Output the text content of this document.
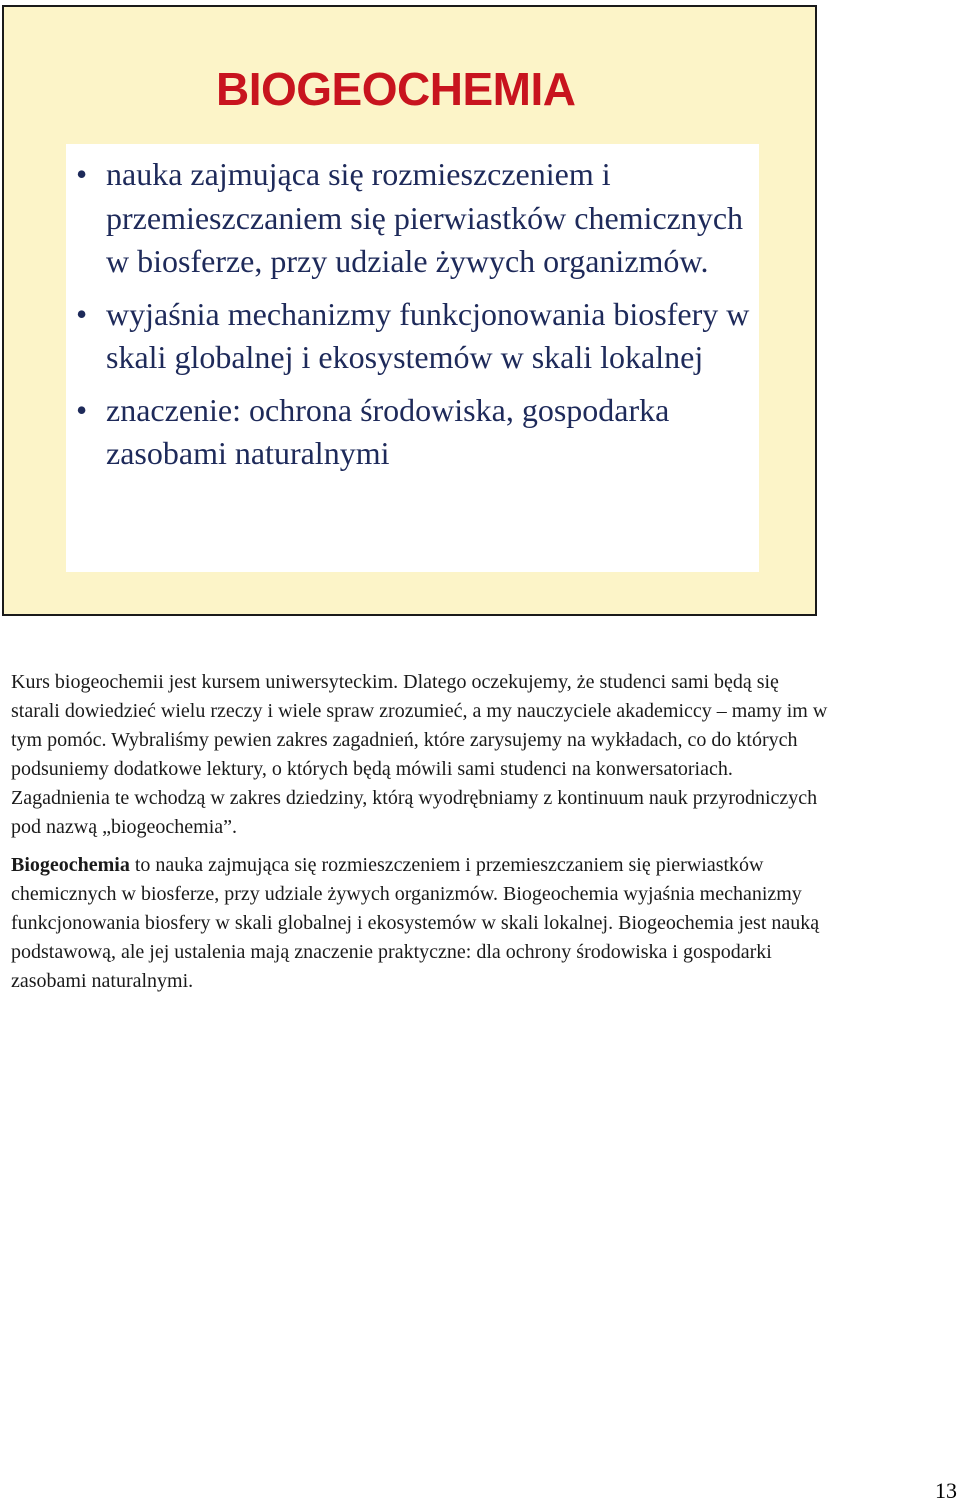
BIOGEOCHEMIA
• nauka zajmująca się rozmieszczeniem i przemieszczaniem się pierwiastków chemicznych w biosferze, przy udziale żywych organizmów.
• wyjaśnia mechanizmy funkcjonowania biosfery w skali globalnej i ekosystemów w skali lokalnej
• znaczenie: ochrona środowiska, gospodarka zasobami naturalnymi

Kurs biogeochemii jest kursem uniwersyteckim. Dlatego oczekujemy, że studenci sami będą się starali dowiedzieć wielu rzeczy i wiele spraw zrozumieć, a my nauczyciele akademiccy – mamy im w tym pomóc. Wybraliśmy pewien zakres zagadnień, które zarysujemy na wykładach, co do których podsuniemy dodatkowe lektury, o których będą mówili sami studenci na konwersatoriach. Zagadnienia te wchodzą w zakres dziedziny, którą wyodrębniamy z kontinuum nauk przyrodniczych pod nazwą „biogeochemia”.

Biogeochemia to nauka zajmująca się rozmieszczeniem i przemieszczaniem się pierwiastków chemicznych w biosferze, przy udziale żywych organizmów. Biogeochemia wyjaśnia mechanizmy funkcjonowania biosfery w skali globalnej i ekosystemów w skali lokalnej. Biogeochemia jest nauką podstawową, ale jej ustalenia mają znaczenie praktyczne: dla ochrony środowiska i gospodarki zasobami naturalnymi.

13
